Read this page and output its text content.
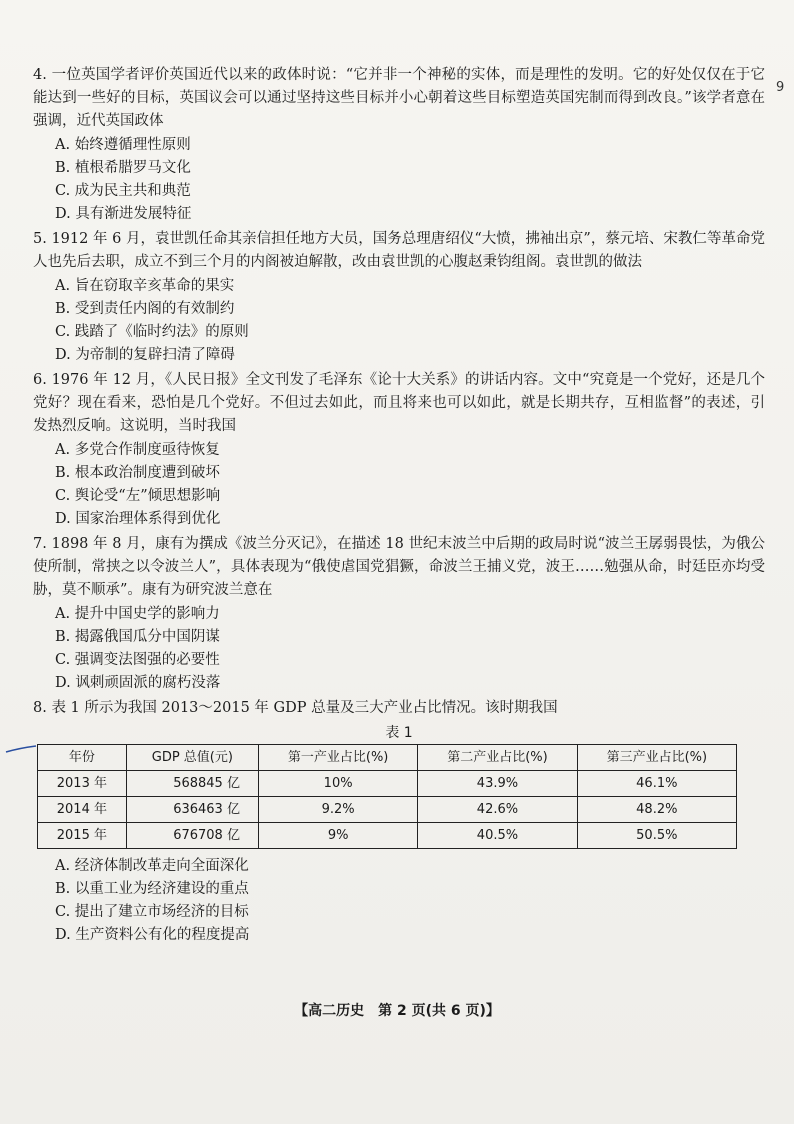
9

4. 一位英国学者评价英国近代以来的政体时说：“它并非一个神秘的实体，而是理性的发明。它的好处仅仅在于它能达到一些好的目标，英国议会可以通过坚持这些目标并小心朝着这些目标塑造英国宪制而得到改良。”该学者意在强调，近代英国政体

A. 始终遵循理性原则
B. 植根希腊罗马文化
C. 成为民主共和典范
D. 具有渐进发展特征

5. 1912 年 6 月，袁世凯任命其亲信担任地方大员，国务总理唐绍仪“大愤，拂袖出京”，蔡元培、宋教仁等革命党人也先后去职，成立不到三个月的内阁被迫解散，改由袁世凯的心腹赵秉钧组阁。袁世凯的做法

A. 旨在窃取辛亥革命的果实
B. 受到责任内阁的有效制约
C. 践踏了《临时约法》的原则
D. 为帝制的复辟扫清了障碍

6. 1976 年 12 月，《人民日报》全文刊发了毛泽东《论十大关系》的讲话内容。文中“究竟是一个党好，还是几个党好？现在看来，恐怕是几个党好。不但过去如此，而且将来也可以如此，就是长期共存，互相监督”的表述，引发热烈反响。这说明，当时我国

A. 多党合作制度亟待恢复
B. 根本政治制度遭到破坏
C. 舆论受“左”倾思想影响
D. 国家治理体系得到优化

7. 1898 年 8 月，康有为撰成《波兰分灭记》，在描述 18 世纪末波兰中后期的政局时说“波兰王孱弱畏怯，为俄公使所制，常挟之以令波兰人”，具体表现为“俄使虐国党猖獗，命波兰王捕义党，波王……勉强从命，时廷臣亦均受胁，莫不顺承”。康有为研究波兰意在

A. 提升中国史学的影响力
B. 揭露俄国瓜分中国阴谋
C. 强调变法图强的必要性
D. 讽刺顽固派的腐朽没落

8. 表 1 所示为我国 2013～2015 年 GDP 总量及三大产业占比情况。该时期我国

表 1
年份	GDP 总值(元)	第一产业占比(%)	第二产业占比(%)	第三产业占比(%)
2013 年	568845 亿	10%	43.9%	46.1%
2014 年	636463 亿	9.2%	42.6%	48.2%
2015 年	676708 亿	9%	40.5%	50.5%
A. 经济体制改革走向全面深化
B. 以重工业为经济建设的重点
C. 提出了建立市场经济的目标
D. 生产资料公有化的程度提高
【高二历史　第 2 页(共 6 页)】
